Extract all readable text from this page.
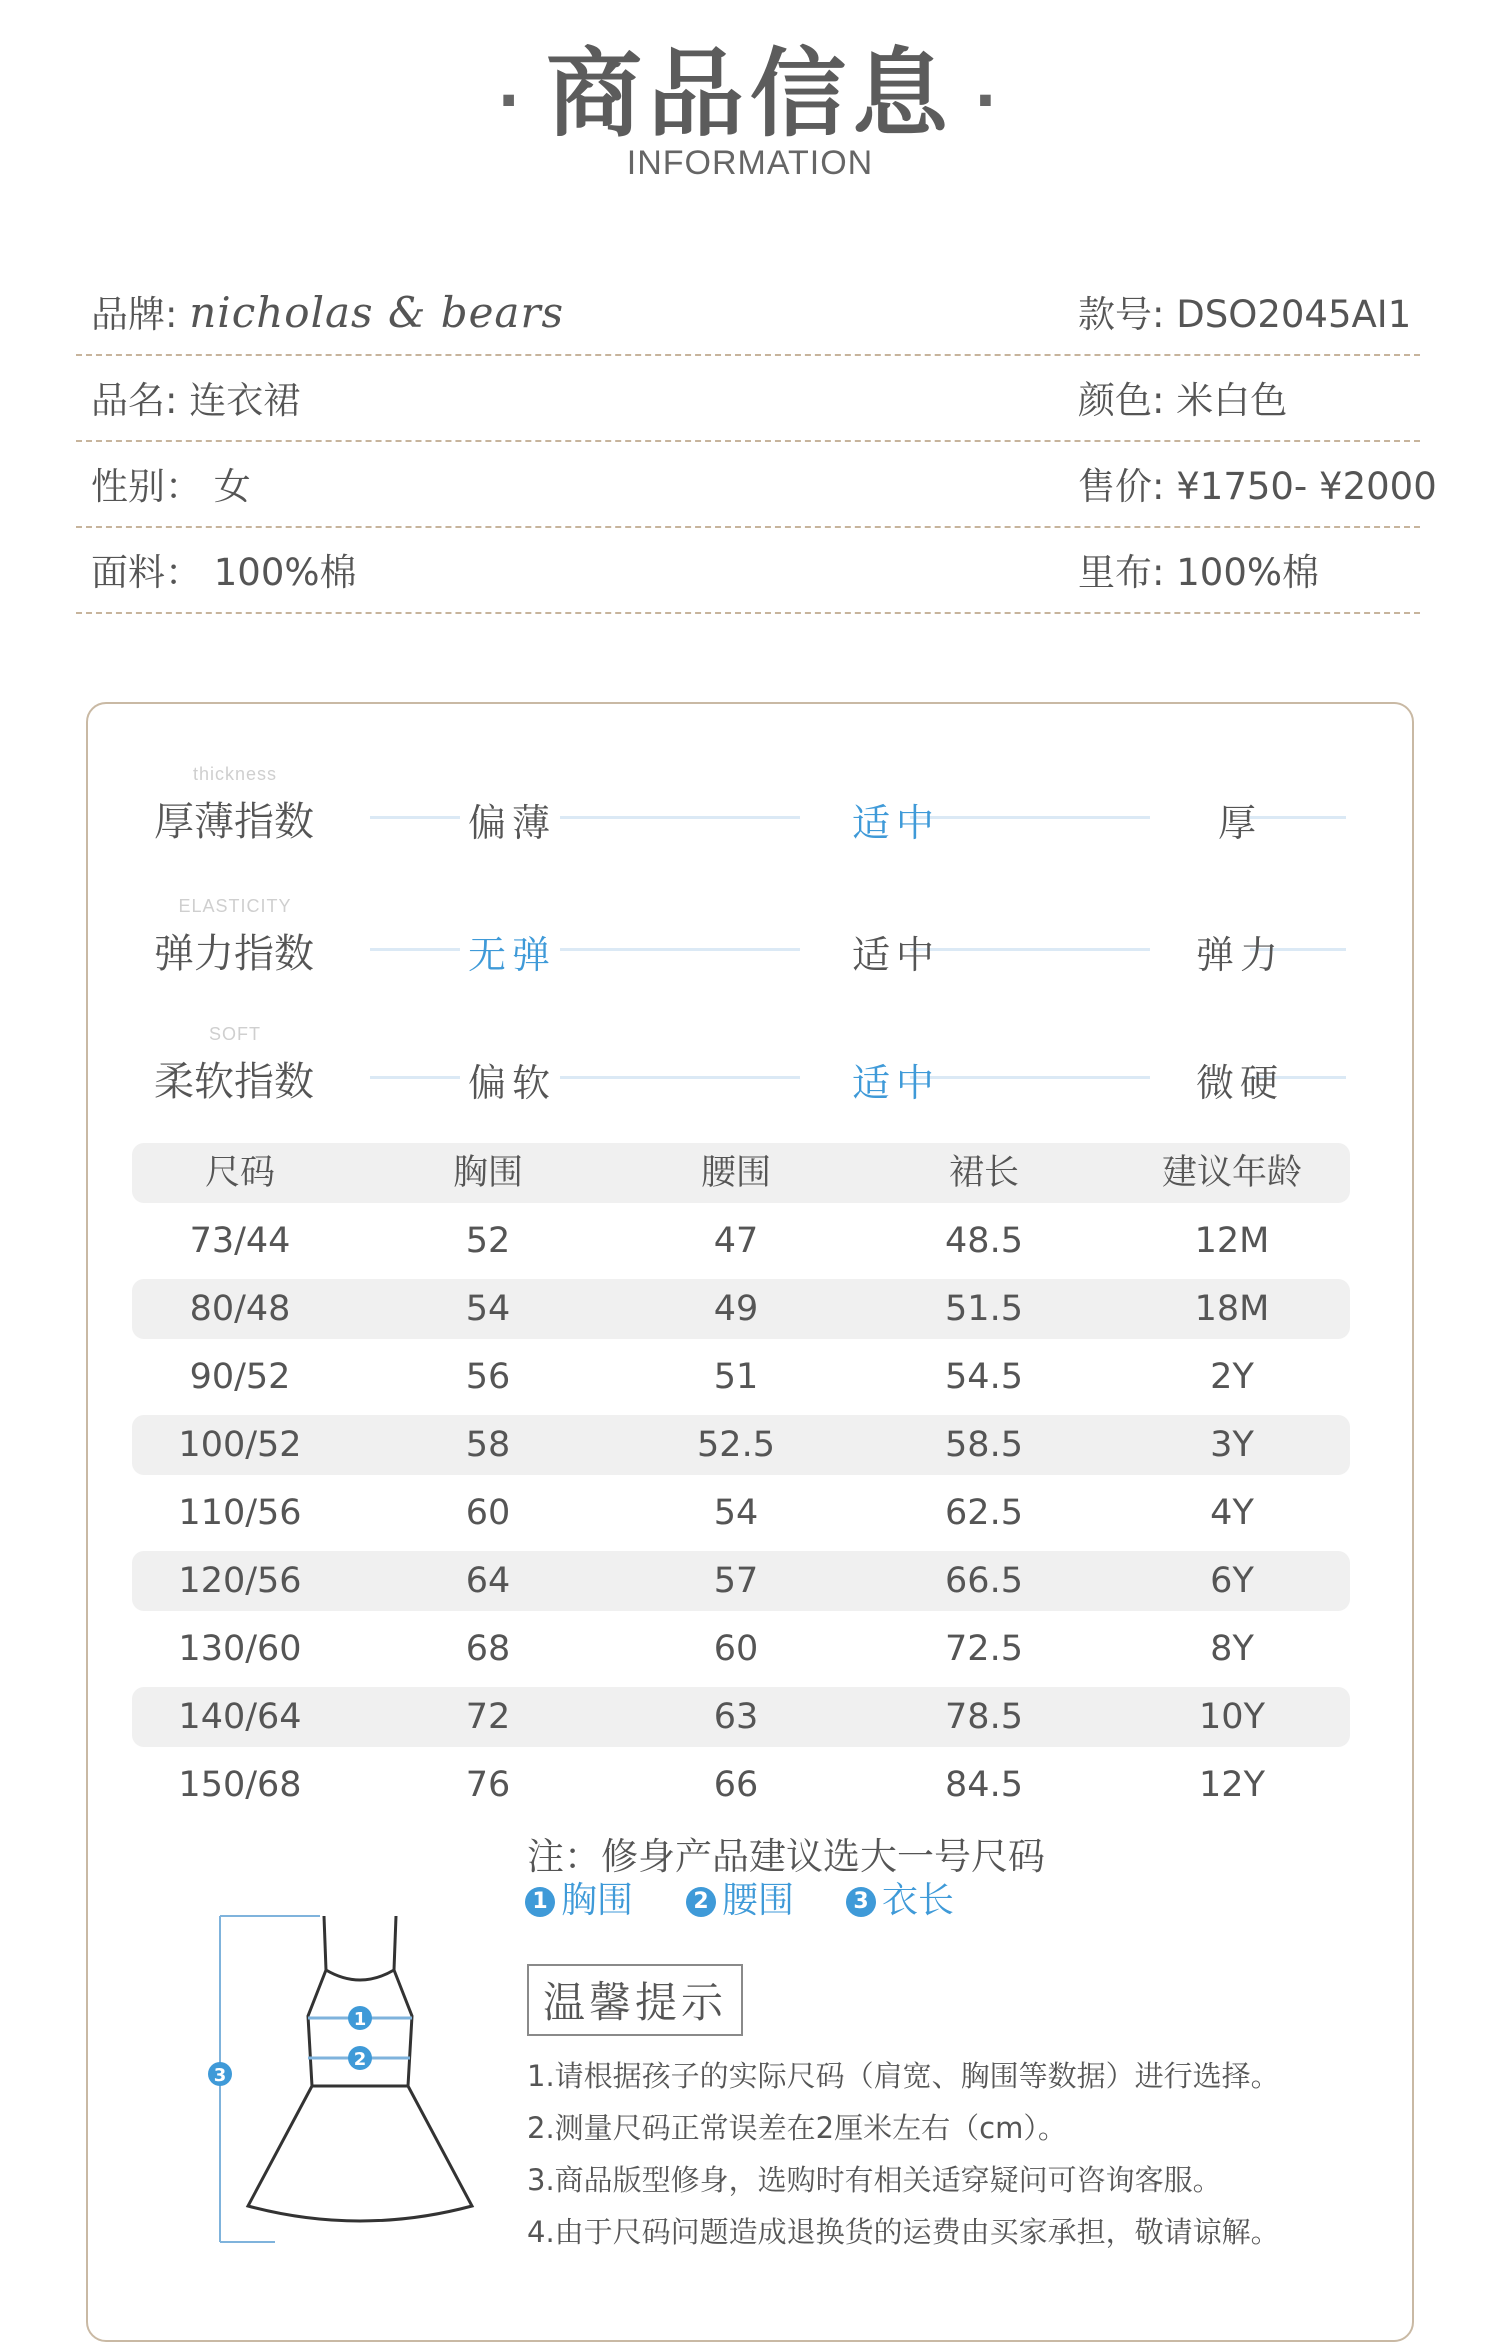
· 商品信息 ·
INFORMATION
品牌: nicholas & bears	款号: DSO2045AI1
品名: 连衣裙	颜色: 米白色
性别： 女	售价: ¥1750- ¥2000
面料： 100%棉	里布: 100%棉
thickness
厚薄指数	偏薄	适中	厚
ELASTICITY
弹力指数	无弹	适中	弹力
SOFT
柔软指数	偏软	适中	微硬
尺码	胸围	腰围	裙长	建议年龄
73/44	52	47	48.5	12M
80/48	54	49	51.5	18M
90/52	56	51	54.5	2Y
100/52	58	52.5	58.5	3Y
110/56	60	54	62.5	4Y
120/56	64	57	66.5	6Y
130/60	68	60	72.5	8Y
140/64	72	63	78.5	10Y
150/68	76	66	84.5	12Y
注：修身产品建议选大一号尺码
1 胸围	2 腰围	3 衣长
1
2
3
温馨提示
1.请根据孩子的实际尺码（肩宽、胸围等数据）进行选择。
2.测量尺码正常误差在2厘米左右（cm）。
3.商品版型修身，选购时有相关适穿疑问可咨询客服。
4.由于尺码问题造成退换货的运费由买家承担，敬请谅解。
